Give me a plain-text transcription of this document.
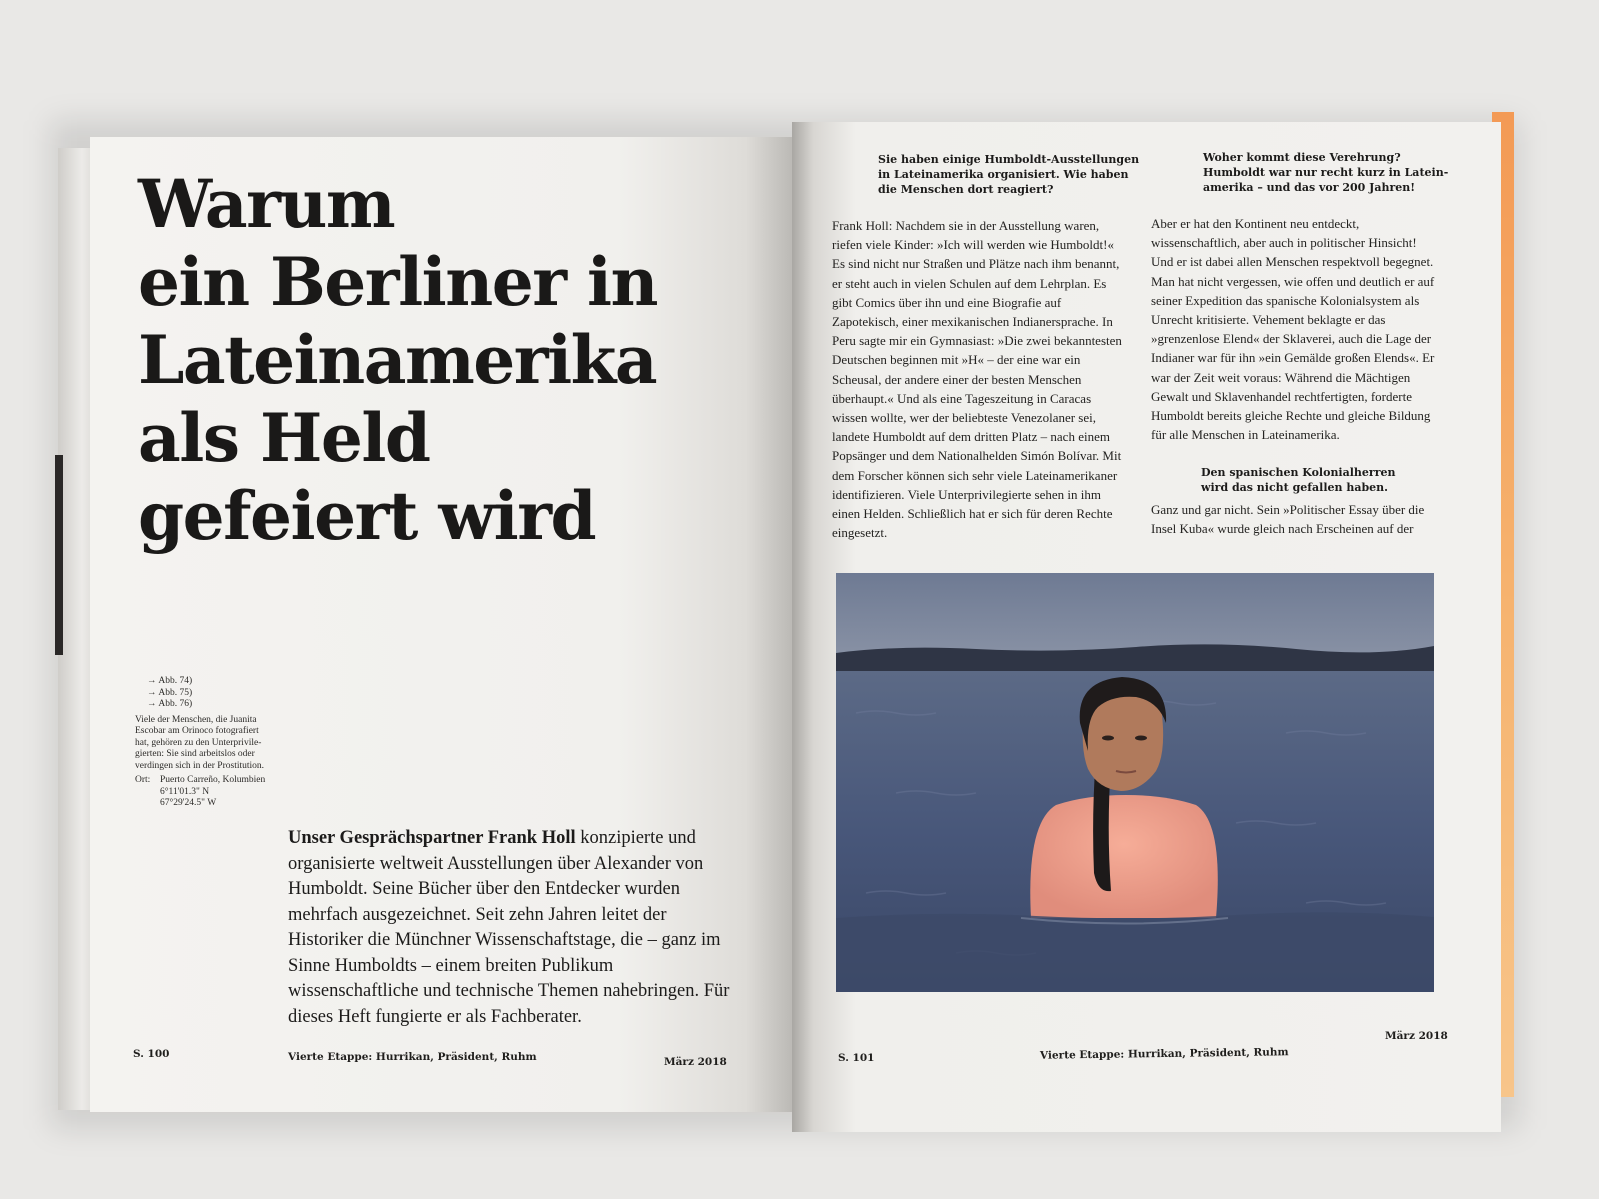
Warum
ein Berliner in
Lateinamerika
als Held
gefeiert wird
→ Abb. 74)
→ Abb. 75)
→ Abb. 76)
Viele der Menschen, die Juanita
Escobar am Orinoco fotografiert
hat, gehören zu den Unterprivile-
gierten: Sie sind arbeitslos oder
verdingen sich in der Prostitution.
Ort:	Puerto Carreño, Kolumbien
6°11'01.3" N
67°29'24.5" W

Unser Gesprächspartner Frank Holl konzipierte und organisierte weltweit Ausstellungen über Alexander von Humboldt. Seine Bücher über den Entdecker wurden mehrfach ausgezeichnet. Seit zehn Jahren leitet der Historiker die Münchner Wissenschaftstage, die – ganz im Sinne Humboldts – einem breiten Publikum wissenschaftliche und technische Themen nahebringen. Für dieses Heft fungierte er als Fachberater.

S. 100	Vierte Etappe: Hurrikan, Präsident, Ruhm	März 2018
Sie haben einige Humboldt-Ausstellungen
in Lateinamerika organisiert. Wie haben
die Menschen dort reagiert?

Frank Holl: Nachdem sie in der Ausstellung waren, riefen viele Kinder: »Ich will werden wie Humboldt!« Es sind nicht nur Straßen und Plätze nach ihm benannt, er steht auch in vielen Schulen auf dem Lehrplan. Es gibt Comics über ihn und eine Biografie auf Zapotekisch, einer mexikanischen Indianersprache. In Peru sagte mir ein Gymnasiast: »Die zwei bekanntesten Deutschen beginnen mit »H« – der eine war ein Scheusal, der andere einer der besten Menschen überhaupt.« Und als eine Tageszeitung in Caracas wissen wollte, wer der beliebteste Venezolaner sei, landete Humboldt auf dem dritten Platz – nach einem Popsänger und dem Nationalhelden Simón Bolívar. Mit dem Forscher können sich sehr viele Lateinamerikaner identifizieren. Viele Unterprivilegierte sehen in ihm einen Helden. Schließlich hat er sich für deren Rechte eingesetzt.

Woher kommt diese Verehrung?
Humboldt war nur recht kurz in Latein-
amerika – und das vor 200 Jahren!

Aber er hat den Kontinent neu entdeckt, wissenschaftlich, aber auch in politischer Hinsicht! Und er ist dabei allen Menschen respektvoll begegnet. Man hat nicht vergessen, wie offen und deutlich er auf seiner Expedition das spanische Kolonialsystem als Unrecht kritisierte. Vehement beklagte er das »grenzenlose Elend« der Sklaverei, auch die Lage der Indianer war für ihn »ein Gemälde großen Elends«. Er war der Zeit weit voraus: Während die Mächtigen Gewalt und Sklavenhandel rechtfertigten, forderte Humboldt bereits gleiche Rechte und gleiche Bildung für alle Menschen in Lateinamerika.

Den spanischen Kolonialherren
wird das nicht gefallen haben.

Ganz und gar nicht. Sein »Politischer Essay über die Insel Kuba« wurde gleich nach Erscheinen auf der

S. 101	Vierte Etappe: Hurrikan, Präsident, Ruhm
März 2018
